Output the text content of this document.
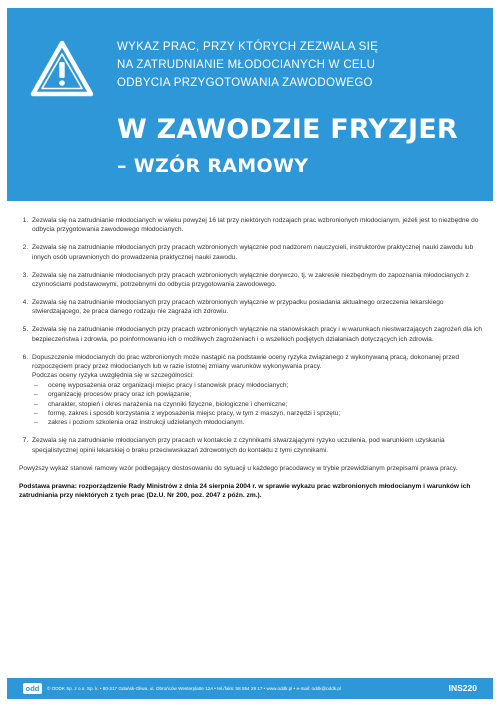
WYKAZ PRAC, PRZY KTÓRYCH ZEZWALA SIĘ
NA ZATRUDNIANIE MŁODOCIANYCH W CELU
ODBYCIA PRZYGOTOWANIA ZAWODOWEGO
W ZAWODZIE FRYZJER
– WZÓR RAMOWY
1. Zezwala się na zatrudnianie młodocianych w wieku powyżej 16 lat przy niektórych rodzajach prac wzbronionych młodocianym, jeżeli jest to niezbędne do odbycia przygotowania zawodowego młodocianych.
2. Zezwala się na zatrudnianie młodocianych przy pracach wzbronionych wyłącznie pod nadzorem nauczycieli, instruktorów praktycznej nauki zawodu lub innych osób uprawnionych do prowadzenia praktycznej nauki zawodu.
3. Zezwala się na zatrudnianie młodocianych przy pracach wzbronionych wyłącznie dorywczo, tj. w zakresie niezbędnym do zapoznania młodocianych z czynnościami podstawowymi, potrzebnymi do odbycia przygotowania zawodowego.
4. Zezwala się na zatrudnianie młodocianych przy pracach wzbronionych wyłącznie w przypadku posiadania aktualnego orzeczenia lekarskiego stwierdzającego, że praca danego rodzaju nie zagraża ich zdrowiu.
5. Zezwala się na zatrudnianie młodocianych przy pracach wzbronionych wyłącznie na stanowiskach pracy i w warunkach niestwarzających zagrożeń dla ich bezpieczeństwa i zdrowia, po poinformowaniu ich o możliwych zagrożeniach i o wszelkich podjętych działaniach dotyczących ich zdrowia.
6. Dopuszczenie młodocianych do prac wzbronionych może nastąpić na podstawie oceny ryzyka związanego z wykonywaną pracą, dokonanej przed rozpoczęciem pracy przez młodocianych lub w razie istotnej zmiany warunków wykonywania pracy.
Podczas oceny ryzyka uwzględnia się w szczególności:
– ocenę wyposażenia oraz organizacji miejsc pracy i stanowisk pracy młodocianych;
– organizację procesów pracy oraz ich powiązanie;
– charakter, stopień i okres narażenia na czynniki fizyczne, biologiczne i chemiczne;
– formę, zakres i sposób korzystania z wyposażenia miejsc pracy, w tym z maszyn, narzędzi i sprzętu;
– zakres i poziom szkolenia oraz instrukcji udzielanych młodocianym.
7. Zezwala się na zatrudnianie młodocianych przy pracach w kontakcie z czynnikami stwarzającymi ryzyko uczulenia, pod warunkiem uzyskania specjalistycznej opinii lekarskiej o braku przeciwwskazań zdrowotnych do kontaktu z tymi czynnikami.

Powyższy wykaz stanowi ramowy wzór podlegający dostosowaniu do sytuacji u każdego pracodawcy w trybie przewidzianym przepisami prawa pracy.

Podstawa prawna: rozporządzenie Rady Ministrów z dnia 24 sierpnia 2004 r. w sprawie wykazu prac wzbronionych młodocianym i warunków ich zatrudniania przy niektórych z tych prac (Dz.U. Nr 200, poz. 2047 z późn. zm.).

odd	© ODDK Sp. z o.o. Sp. k. • 80-317 Gdańsk-Oliwa, ul. Obrońców Westerplatte 12A • tel./faks: 58 554 29 17 • www.oddk.pl • e-mail: oddk@oddk.pl	INS220
